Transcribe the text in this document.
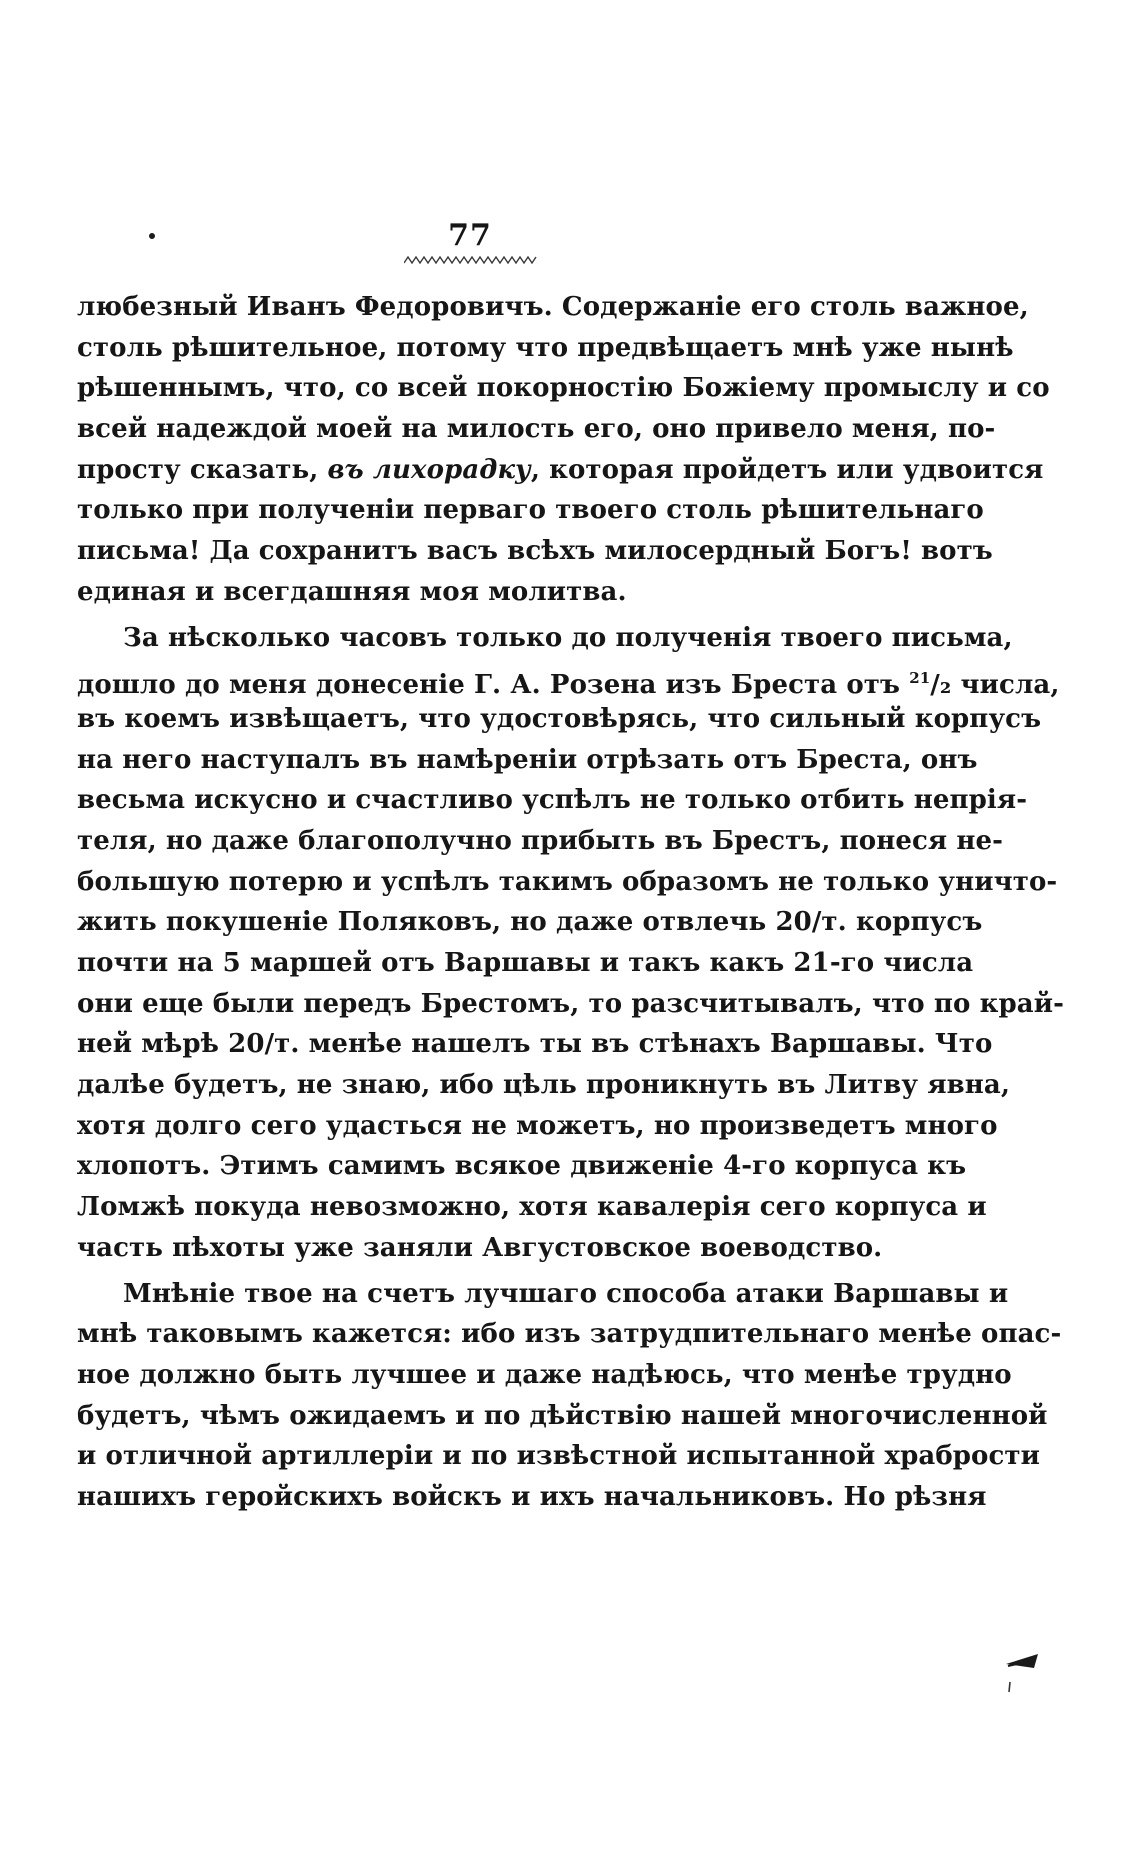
77
любезный Иванъ Федоровичъ. Содержанiе его столь важное,
столь рѣшительное, потому что предвѣщаетъ мнѣ уже нынѣ
рѣшеннымъ, что, со всей покорностiю Божiему промыслу и со
всей надеждой моей на милость его, оно привело меня, по-
просту сказать, въ лихорадку, которая пройдетъ или удвоится
только при полученiи перваго твоего столь рѣшительнаго
письма! Да сохранитъ васъ всѣхъ милосердный Богъ! вотъ
единая и всегдашняя моя молитва.
За нѣсколько часовъ только до полученiя твоего письма,
дошло до меня донесенiе Г. А. Розена изъ Бреста отъ $^{21}$/₂ числа,
въ коемъ извѣщаетъ, что удостовѣрясь, что сильный корпусъ
на него наступалъ въ намѣренiи отрѣзать отъ Бреста, онъ
весьма искусно и счастливо успѣлъ не только отбить непрiя-
теля, но даже благополучно прибыть въ Брестъ, понеся не-
большую потерю и успѣлъ такимъ образомъ не только уничто-
жить покушенiе Поляковъ, но даже отвлечь 20/т. корпусъ
почти на 5 маршей отъ Варшавы и такъ какъ 21-го числа
они еще были передъ Брестомъ, то разсчитывалъ, что по край-
ней мѣрѣ 20/т. менѣе нашелъ ты въ стѣнахъ Варшавы. Что
далѣе будетъ, не знаю, ибо цѣль проникнуть въ Литву явна,
хотя долго сего удасться не можетъ, но произведетъ много
хлопотъ. Этимъ самимъ всякое движенiе 4-го корпуса къ
Ломжѣ покуда невозможно, хотя кавалерiя сего корпуса и
часть пѣхоты уже заняли Августовское воеводство.
Мнѣнiе твое на счетъ лучшаго способа атаки Варшавы и
мнѣ таковымъ кажется: ибо изъ затрудпительнаго менѣе опас-
ное должно быть лучшее и даже надѣюсь, что менѣе трудно
будетъ, чѣмъ ожидаемъ и по дѣйствiю нашей многочисленной
и отличной артиллерiи и по извѣстной испытанной храбрости
нашихъ геройскихъ войскъ и ихъ начальниковъ. Но рѣзня
